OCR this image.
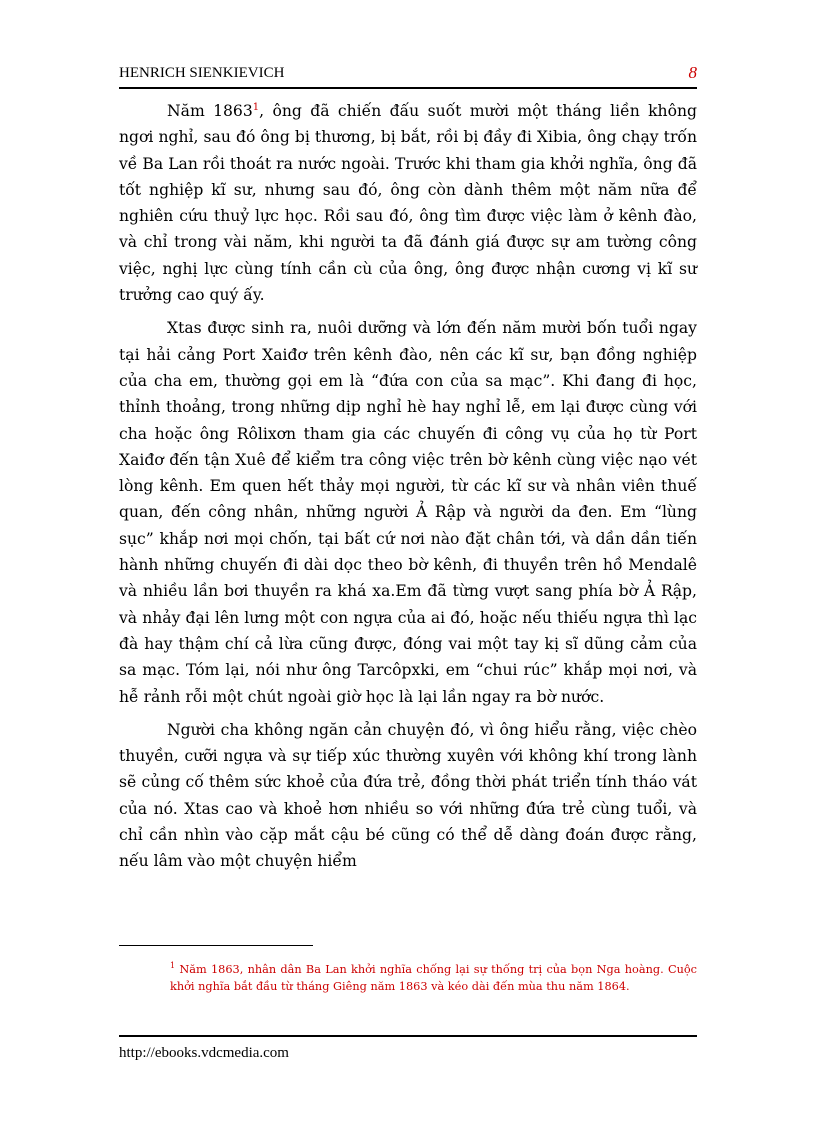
HENRICH SIENKIEVICH	8

Năm 1863$^1$, ông đã chiến đấu suốt mười một tháng liền không ngơi nghỉ, sau đó ông bị thương, bị bắt, rồi bị đầy đi Xibia, ông chạy trốn về Ba Lan rồi thoát ra nước ngoài. Trước khi tham gia khởi nghĩa, ông đã tốt nghiệp kĩ sư, nhưng sau đó, ông còn dành thêm một năm nữa để nghiên cứu thuỷ lực học. Rồi sau đó, ông tìm được việc làm ở kênh đào, và chỉ trong vài năm, khi người ta đã đánh giá được sự am tường công việc, nghị lực cùng tính cần cù của ông, ông được nhận cương vị kĩ sư trưởng cao quý ấy.

Xtas được sinh ra, nuôi dưỡng và lớn đến năm mười bốn tuổi ngay tại hải cảng Port Xaiđơ trên kênh đào, nên các kĩ sư, bạn đồng nghiệp của cha em, thường gọi em là “đứa con của sa mạc”. Khi đang đi học, thỉnh thoảng, trong những dịp nghỉ hè hay nghỉ lễ, em lại được cùng với cha hoặc ông Rôlixơn tham gia các chuyến đi công vụ của họ từ Port Xaiđơ đến tận Xuê để kiểm tra công việc trên bờ kênh cùng việc nạo vét lòng kênh. Em quen hết thảy mọi người, từ các kĩ sư và nhân viên thuế quan, đến công nhân, những người Ả Rập và người da đen. Em “lùng sục” khắp nơi mọi chốn, tại bất cứ nơi nào đặt chân tới, và dần dần tiến hành những chuyến đi dài dọc theo bờ kênh, đi thuyền trên hồ Mendalê và nhiều lần bơi thuyền ra khá xa.Em đã từng vượt sang phía bờ Ả Rập, và nhảy đại lên lưng một con ngựa của ai đó, hoặc nếu thiếu ngựa thì lạc đà hay thậm chí cả lừa cũng được, đóng vai một tay kị sĩ dũng cảm của sa mạc. Tóm lại, nói như ông Tarcôpxki, em “chui rúc” khắp mọi nơi, và hễ rảnh rỗi một chút ngoài giờ học là lại lần ngay ra bờ nước.

Người cha không ngăn cản chuyện đó, vì ông hiểu rằng, việc chèo thuyền, cưỡi ngựa và sự tiếp xúc thường xuyên với không khí trong lành sẽ củng cố thêm sức khoẻ của đứa trẻ, đồng thời phát triển tính tháo vát của nó. Xtas cao và khoẻ hơn nhiều so với những đứa trẻ cùng tuổi, và chỉ cần nhìn vào cặp mắt cậu bé cũng có thể dễ dàng đoán được rằng, nếu lâm vào một chuyện hiểm

$^1$ Năm 1863, nhân dân Ba Lan khởi nghĩa chống lại sự thống trị của bọn Nga hoàng. Cuộc khởi nghĩa bắt đầu từ tháng Giêng năm 1863 và kéo dài đến mùa thu năm 1864.
http://ebooks.vdcmedia.com
